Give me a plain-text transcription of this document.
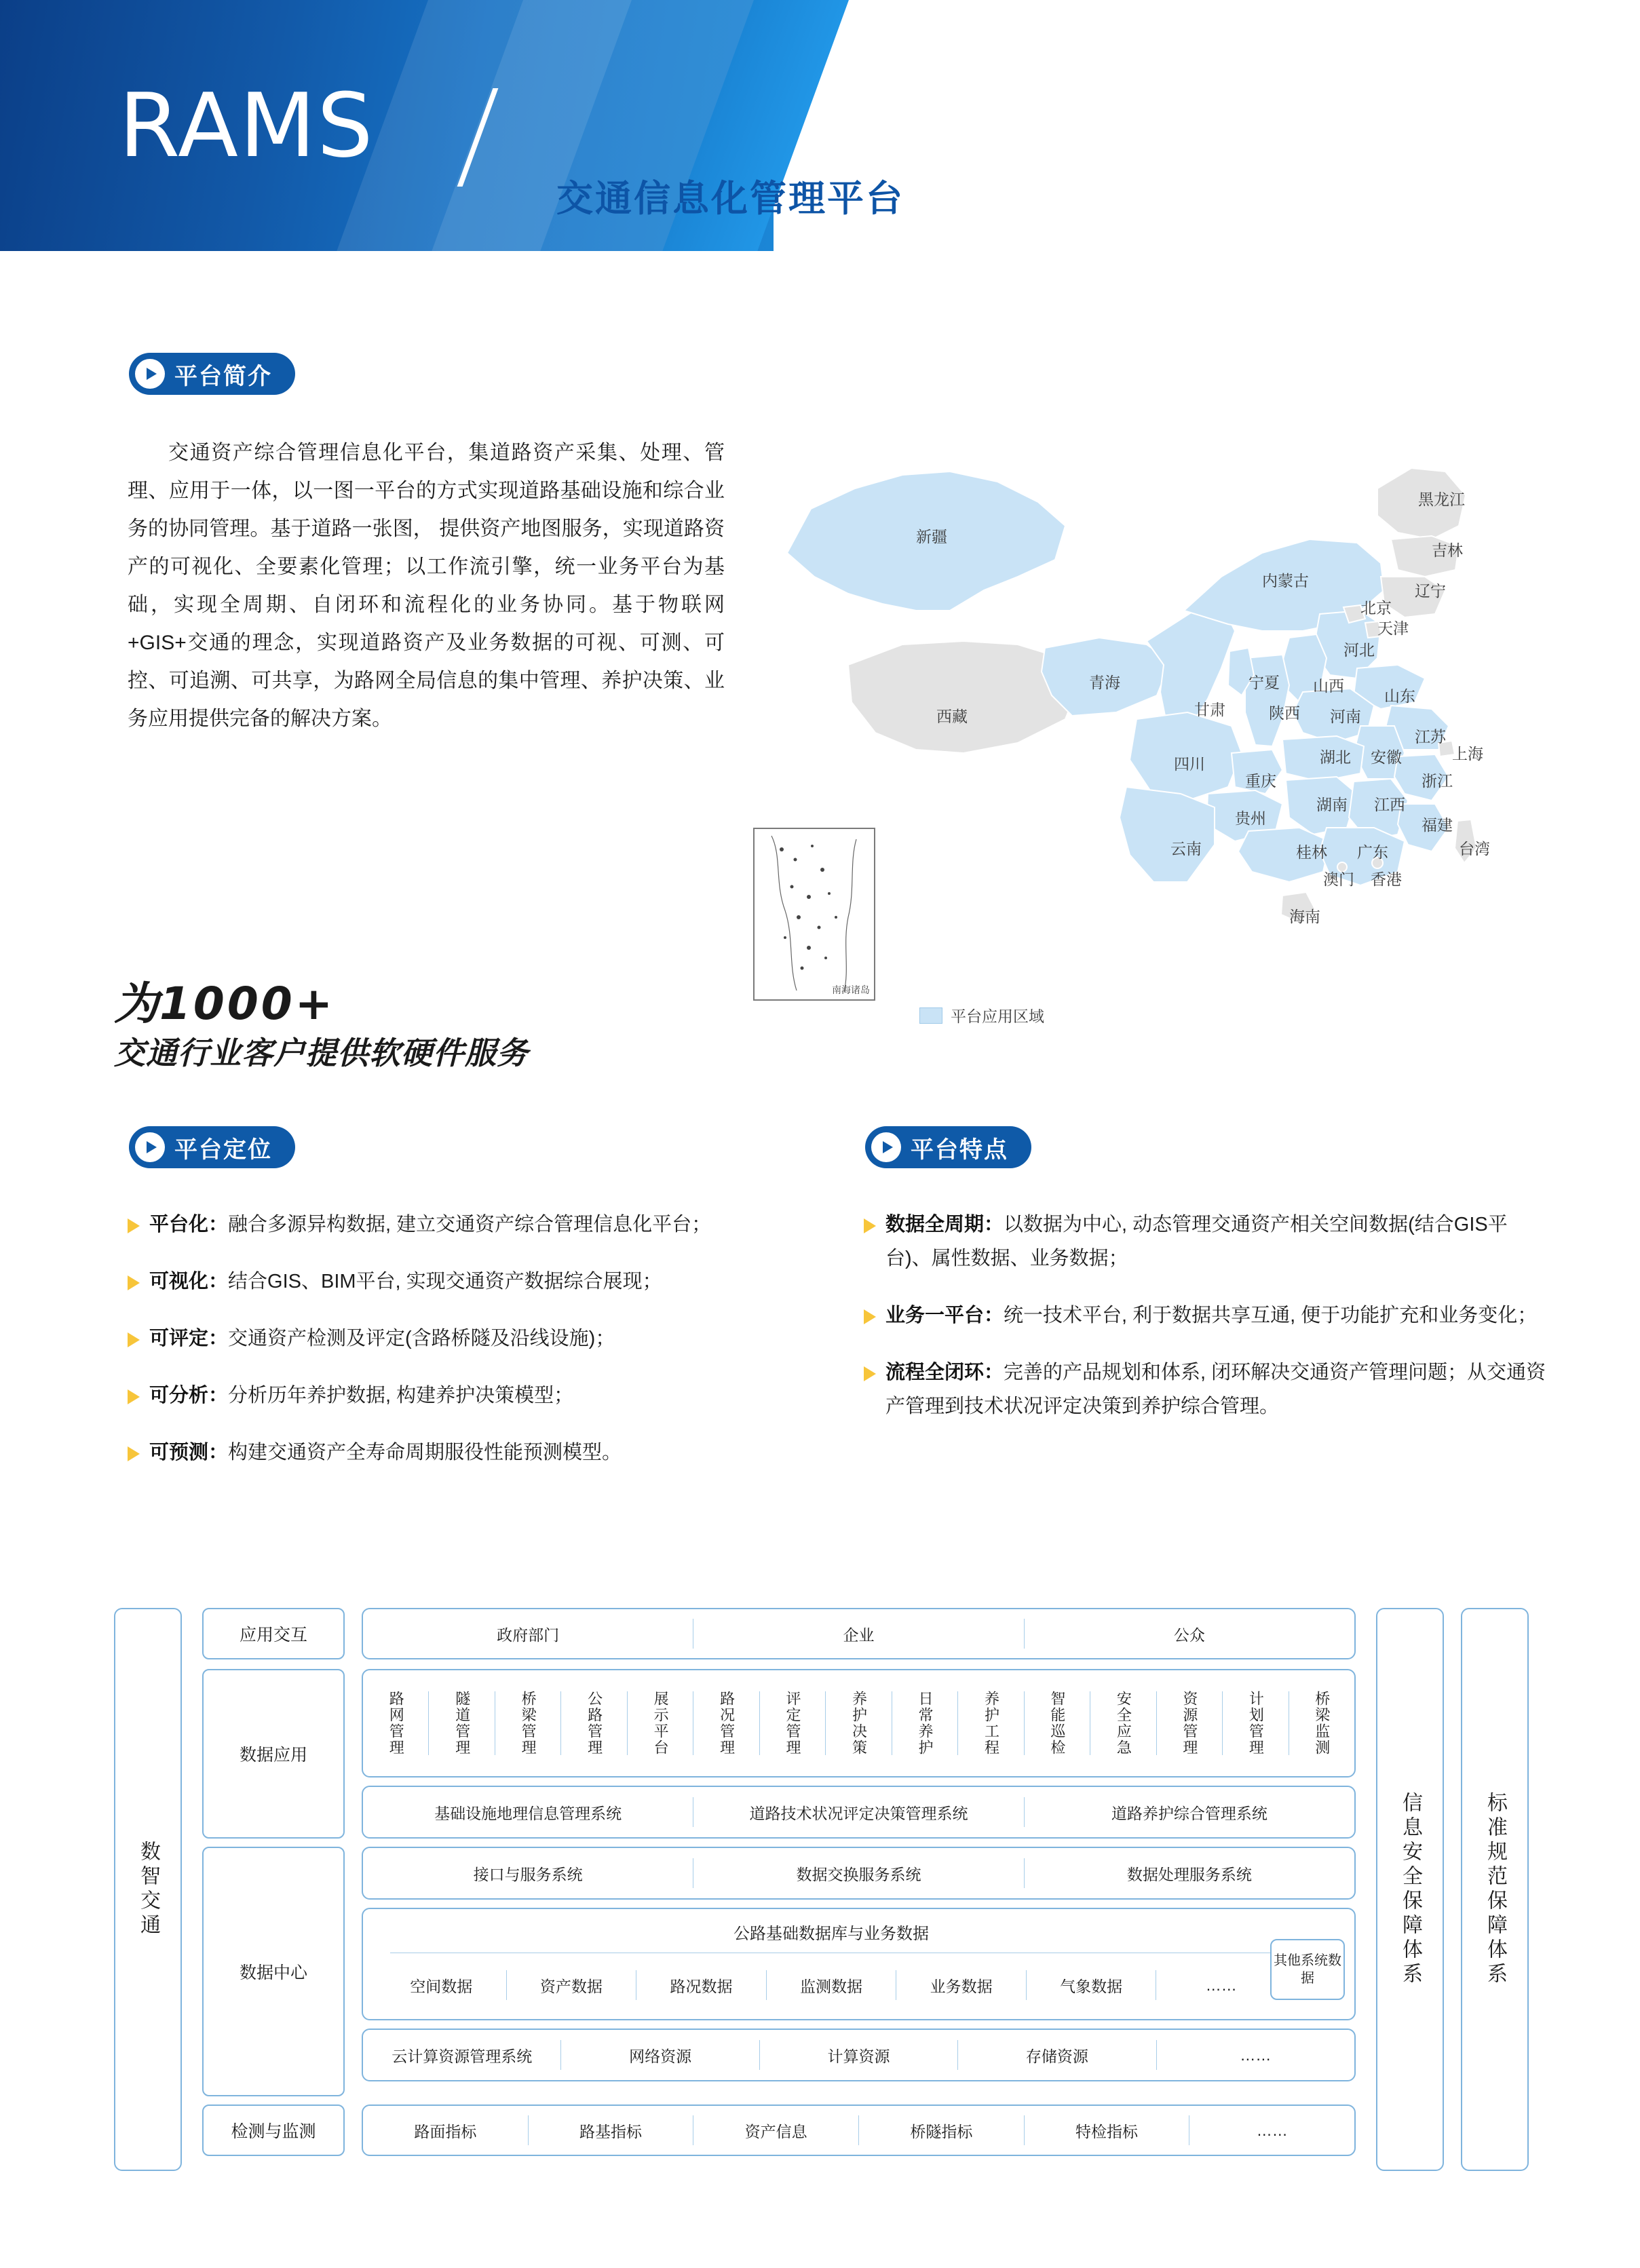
RAMS
交通信息化管理平台
平台简介
交通资产综合管理信息化平台，集道路资产采集、处理、管理、应用于一体，以一图一平台的方式实现道路基础设施和综合业务的协同管理。基于道路一张图， 提供资产地图服务，实现道路资产的可视化、全要素化管理；以工作流引擎，统一业务平台为基础，实现全周期、自闭环和流程化的业务协同。基于物联网+GIS+交通的理念，实现道路资产及业务数据的可视、可测、可控、可追溯、可共享，为路网全局信息的集中管理、养护决策、业务应用提供完备的解决方案。
为1000+
交通行业客户提供软硬件服务
黑龙江
吉林
辽宁
内蒙古
新疆
北京
天津
河北
山西
山东
宁夏
青海
甘肃	陕西 河南
西藏
江苏
安徽	上海
湖北
四川
重庆	浙江
湖南 江西
贵州	福建
云南	桂林 广东	台湾
澳门 香港
海南
南海诸岛
平台应用区域
平台定位
平台化：融合多源异构数据, 建立交通资产综合管理信息化平台；
可视化：结合GIS、BIM平台, 实现交通资产数据综合展现；
可评定：交通资产检测及评定(含路桥隧及沿线设施)；
可分析：分析历年养护数据, 构建养护决策模型；
可预测：构建交通资产全寿命周期服役性能预测模型。
平台特点
数据全周期：以数据为中心, 动态管理交通资产相关空间数据(结合GIS平台)、属性数据、业务数据；
业务一平台：统一技术平台, 利于数据共享互通, 便于功能扩充和业务变化；
流程全闭环：完善的产品规划和体系, 闭环解决交通资产管理问题；从交通资产管理到技术状况评定决策到养护综合管理。
数智交通	信息安全保障体系	标准规范保障体系
应用交互
数据应用
数据中心
检测与监测
政府部门	企业	公众
路网管理	隧道管理	桥梁管理	公路管理	展示平台	路况管理	评定管理	养护决策	日常养护	养护工程	智能巡检	安全应急	资源管理	计划管理	桥梁监测
基础设施地理信息管理系统	道路技术状况评定决策管理系统	道路养护综合管理系统
接口与服务系统	数据交换服务系统	数据处理服务系统
公路基础数据库与业务数据
空间数据	资产数据	路况数据	监测数据	业务数据	气象数据	……
其他系统数据
云计算资源管理系统	网络资源	计算资源	存储资源	……
路面指标	路基指标	资产信息	桥隧指标	特检指标	……
